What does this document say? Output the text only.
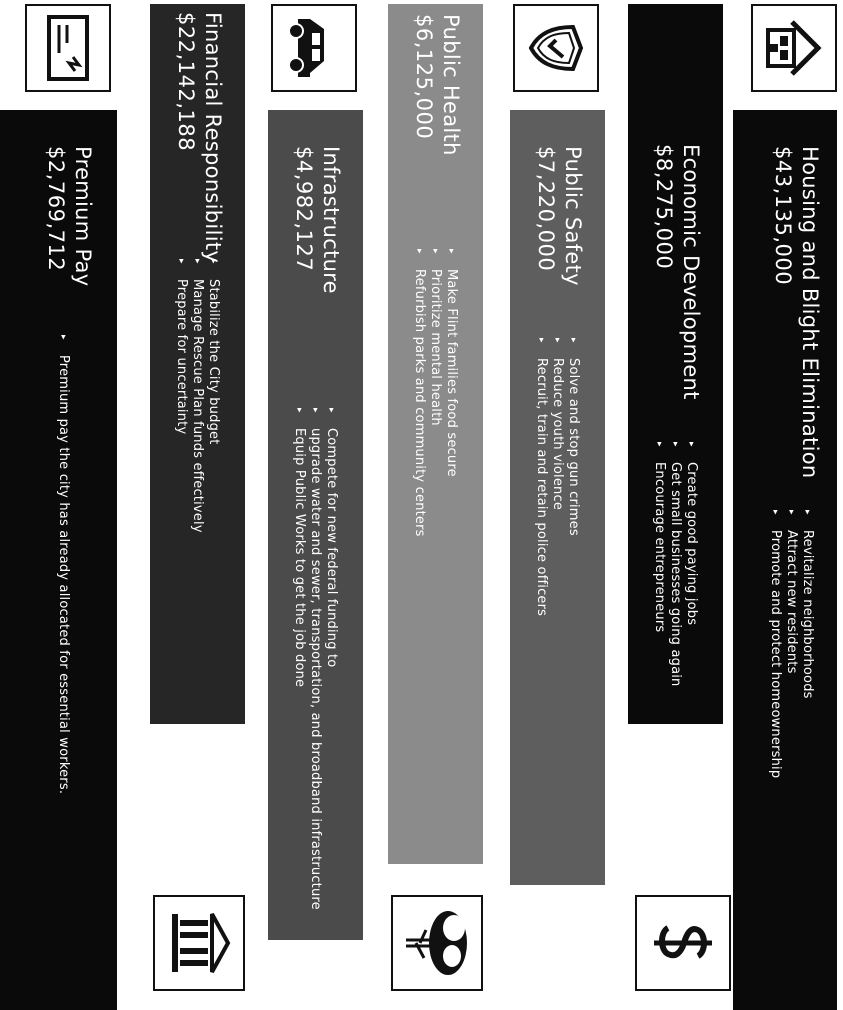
Housing and Blight Elimination
$43,135,000
▸ Revitalize neighborhoods
▸ Attract new residents
▸ Promote and protect homeownership
Economic Development
$8,275,000
▸ Create good paying jobs
▸ Get small businesses going again
▸ Encourage entrepreneurs
Public Safety
$7,220,000
▸ Solve and stop gun crimes
▸ Reduce youth violence
▸ Recruit, train and retain police officers
Public Health
$6,125,000
▸ Make Flint families food secure
▸ Prioritize mental health
▸ Refurbish parks and community centers
Infrastructure
$4,982,127
▸ Compete for new federal funding to
▸ upgrade water and sewer, transportation, and broadband infrastructure
▸ Equip Public Works to get the job done
Financial Responsibility
$22,142,188
▸ Stabilize the City budget
▸ Manage Rescue Plan funds effectively
▸ Prepare for uncertainty
Premium Pay
$2,769,712
▸ Premium pay the city has already allocated for essential workers.
